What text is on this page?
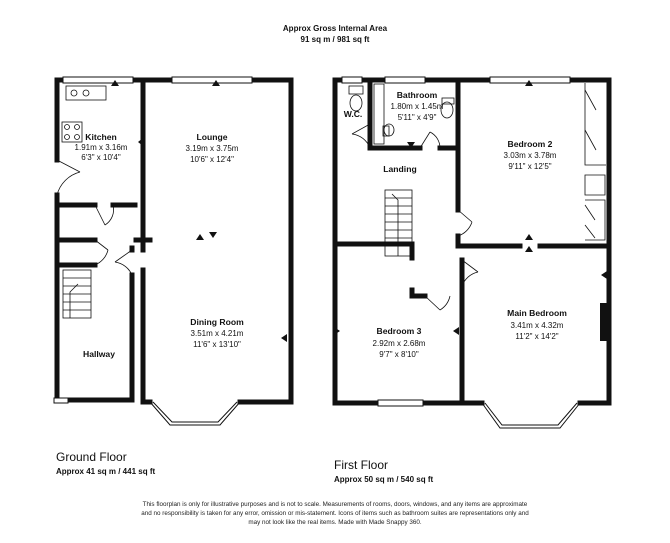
Approx Gross Internal Area
91 sq m / 981 sq ft
Kitchen
1.91m x 3.16m
6'3" x 10'4"
Lounge
3.19m x 3.75m
10'6" x 12'4"
Dining Room
3.51m x 4.21m
11'6" x 13'10"
Hallway
W.C.
Bathroom
1.80m x 1.45m
5'11" x 4'9"
Landing
Bedroom 2
3.03m x 3.78m
9'11" x 12'5"
Bedroom 3
2.92m x 2.68m
9'7" x 8'10"
Main Bedroom
3.41m x 4.32m
11'2" x 14'2"
Ground Floor
Approx 41 sq m / 441 sq ft	First Floor
Approx 50 sq m / 540 sq ft
This floorplan is only for illustrative purposes and is not to scale. Measurements of rooms, doors, windows, and any items are approximate
and no responsibility is taken for any error, omission or mis-statement. Icons of items such as bathroom suites are representations only and
may not look like the real items. Made with Made Snappy 360.
